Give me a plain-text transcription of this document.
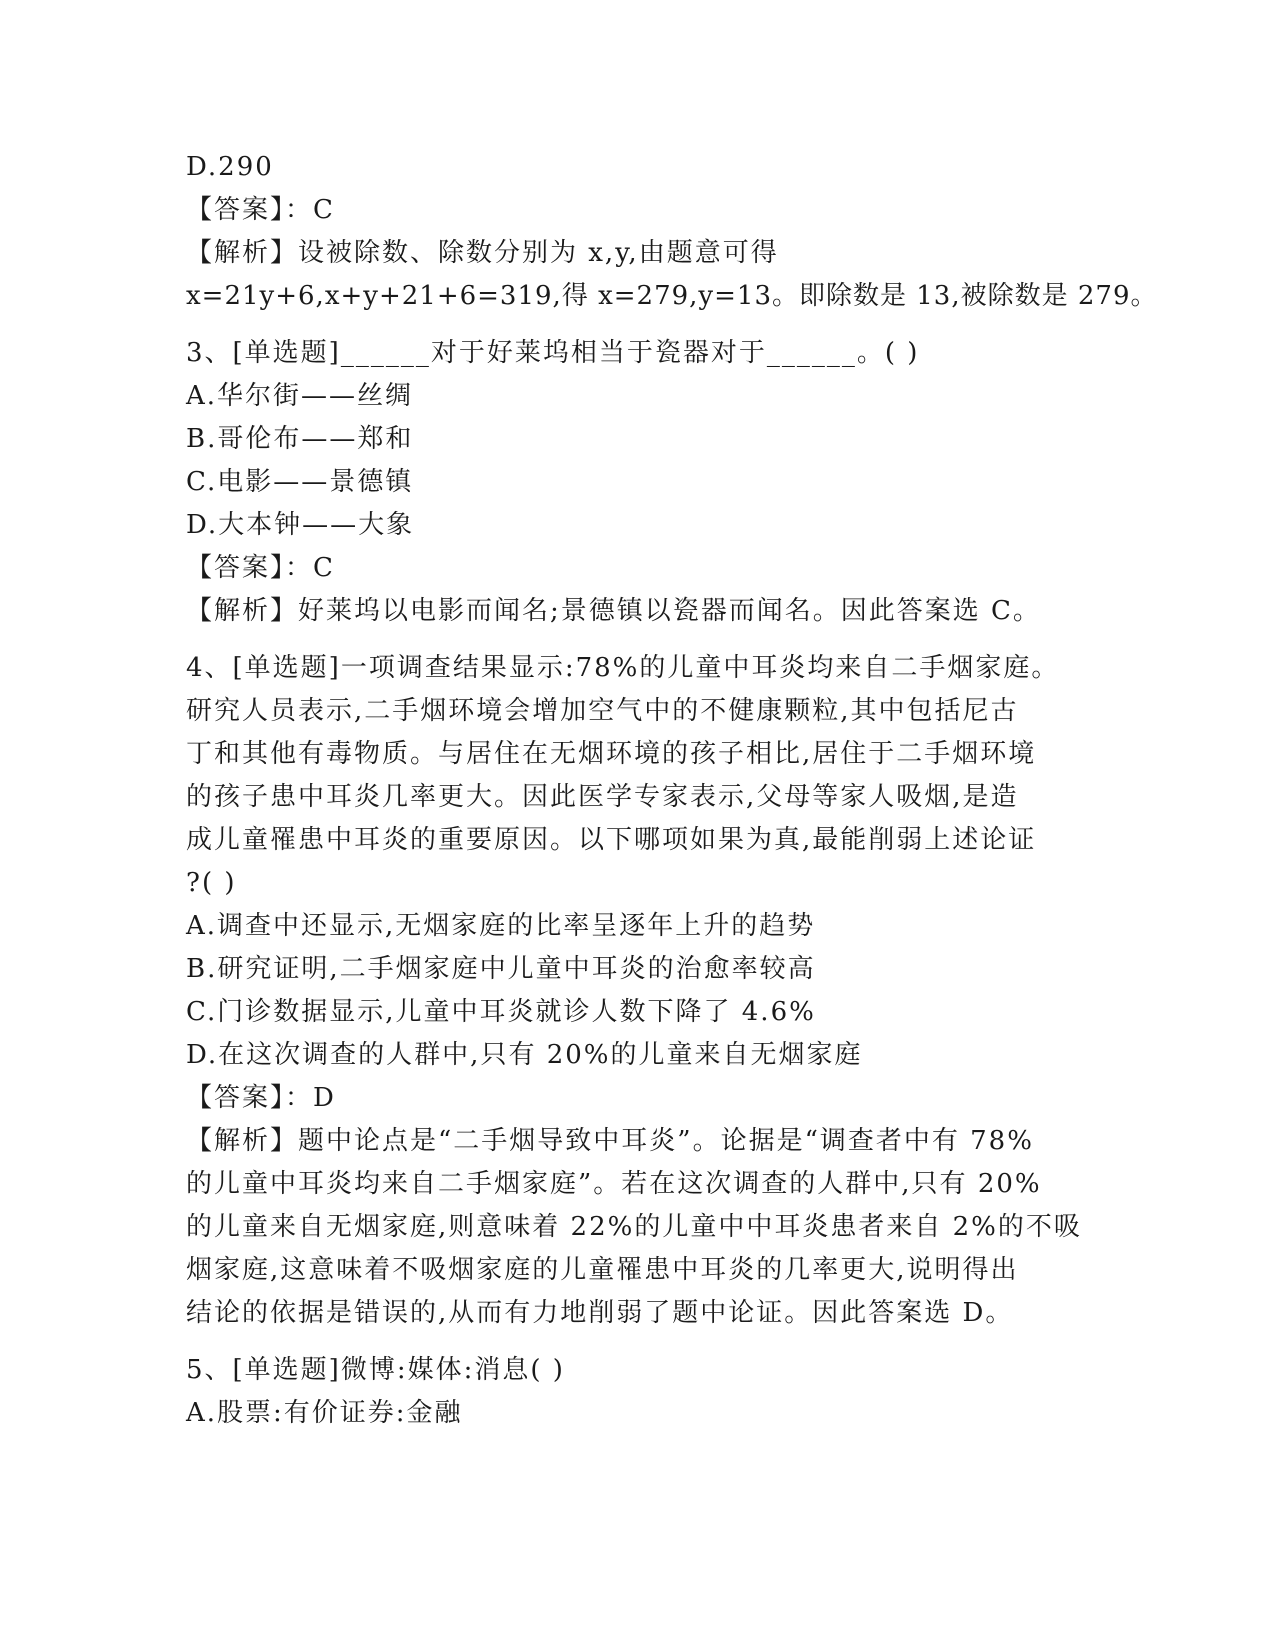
D.290
【答案】：C
【解析】设被除数、除数分别为 x,y,由题意可得
x=21y+6,x+y+21+6=319,得 x=279,y=13。即除数是 13,被除数是 279。
3、[单选题]______对于好莱坞相当于瓷器对于______。( )
A.华尔街——丝绸
B.哥伦布——郑和
C.电影——景德镇
D.大本钟——大象
【答案】：C
【解析】好莱坞以电影而闻名;景德镇以瓷器而闻名。因此答案选 C。
4、[单选题]一项调查结果显示:78%的儿童中耳炎均来自二手烟家庭。
研究人员表示,二手烟环境会增加空气中的不健康颗粒,其中包括尼古
丁和其他有毒物质。与居住在无烟环境的孩子相比,居住于二手烟环境
的孩子患中耳炎几率更大。因此医学专家表示,父母等家人吸烟,是造
成儿童罹患中耳炎的重要原因。以下哪项如果为真,最能削弱上述论证
?( )
A.调查中还显示,无烟家庭的比率呈逐年上升的趋势
B.研究证明,二手烟家庭中儿童中耳炎的治愈率较高
C.门诊数据显示,儿童中耳炎就诊人数下降了 4.6%
D.在这次调查的人群中,只有 20%的儿童来自无烟家庭
【答案】：D
【解析】题中论点是“二手烟导致中耳炎”。论据是“调查者中有 78%
的儿童中耳炎均来自二手烟家庭”。若在这次调查的人群中,只有 20%
的儿童来自无烟家庭,则意味着 22%的儿童中中耳炎患者来自 2%的不吸
烟家庭,这意味着不吸烟家庭的儿童罹患中耳炎的几率更大,说明得出
结论的依据是错误的,从而有力地削弱了题中论证。因此答案选 D。
5、[单选题]微博:媒体:消息( )
A.股票:有价证券:金融
